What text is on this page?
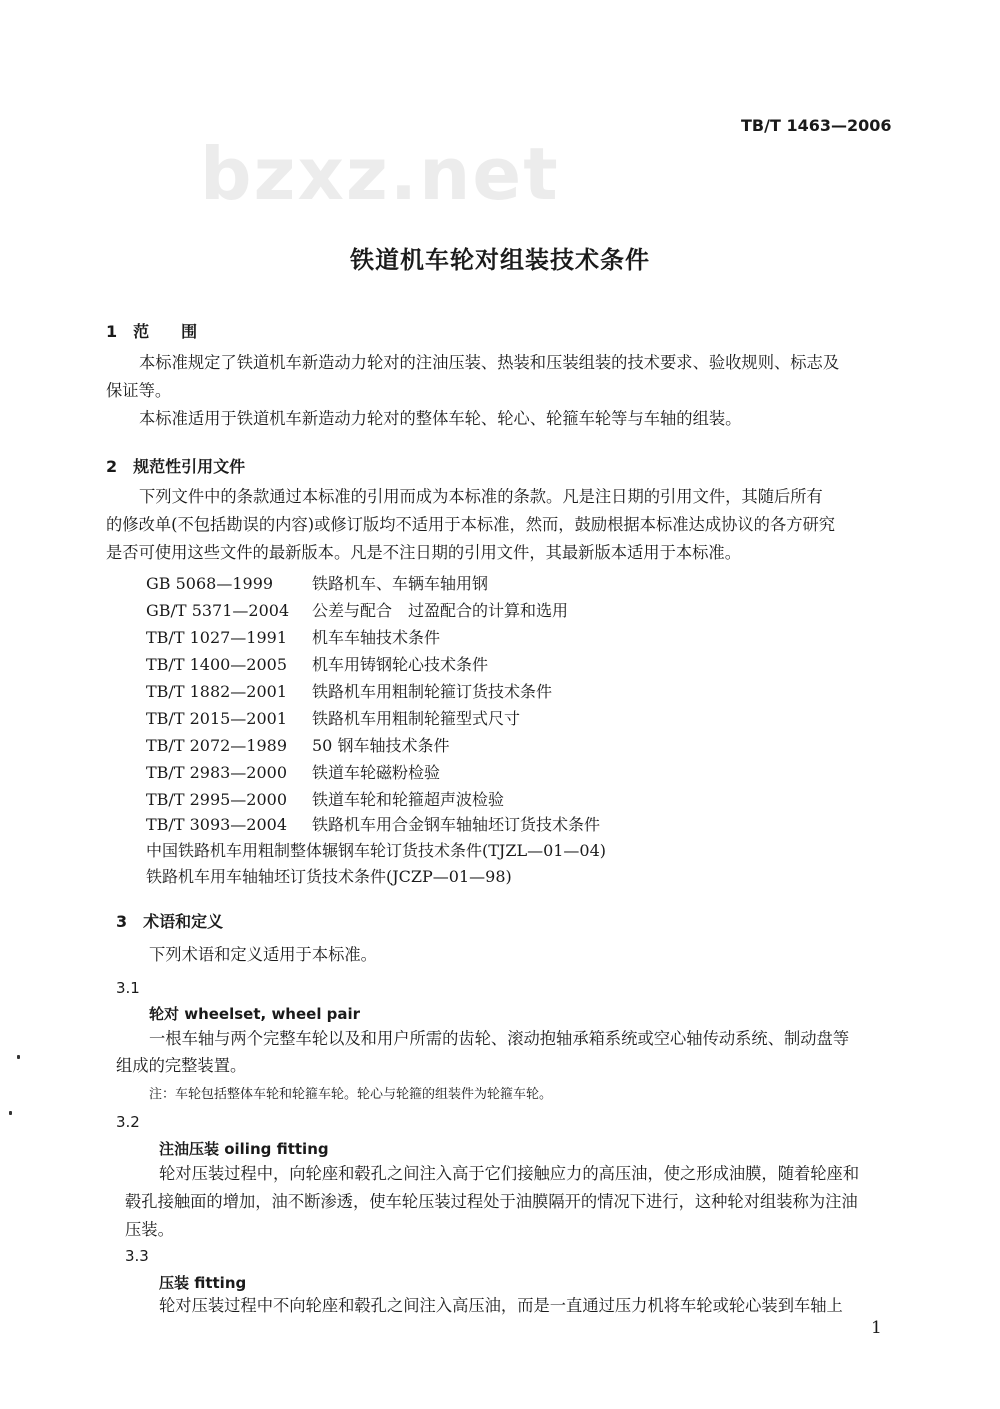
TB/T 1463—2006
bzxz.net
铁道机车轮对组装技术条件
1　范　　围
本标准规定了铁道机车新造动力轮对的注油压装、热装和压装组装的技术要求、验收规则、标志及
保证等。
本标准适用于铁道机车新造动力轮对的整体车轮、轮心、轮箍车轮等与车轴的组装。
2　规范性引用文件
下列文件中的条款通过本标准的引用而成为本标准的条款。凡是注日期的引用文件，其随后所有
的修改单(不包括勘误的内容)或修订版均不适用于本标准，然而，鼓励根据本标准达成协议的各方研究
是否可使用这些文件的最新版本。凡是不注日期的引用文件，其最新版本适用于本标准。
GB 5068—1999 铁路机车、车辆车轴用钢
GB/T 5371—2004 公差与配合　过盈配合的计算和选用
TB/T 1027—1991 机车车轴技术条件
TB/T 1400—2005 机车用铸钢轮心技术条件
TB/T 1882—2001 铁路机车用粗制轮箍订货技术条件
TB/T 2015—2001 铁路机车用粗制轮箍型式尺寸
TB/T 2072—1989 50 钢车轴技术条件
TB/T 2983—2000 铁道车轮磁粉检验
TB/T 2995—2000 铁道车轮和轮箍超声波检验
TB/T 3093—2004 铁路机车用合金钢车轴轴坯订货技术条件
中国铁路机车用粗制整体辗钢车轮订货技术条件(TJZL—01—04)
铁路机车用车轴轴坯订货技术条件(JCZP—01—98)
3　术语和定义
下列术语和定义适用于本标准。
3.1
轮对 wheelset, wheel pair
一根车轴与两个完整车轮以及和用户所需的齿轮、滚动抱轴承箱系统或空心轴传动系统、制动盘等
组成的完整装置。
注：车轮包括整体车轮和轮箍车轮。轮心与轮箍的组装件为轮箍车轮。
3.2
注油压装 oiling fitting
轮对压装过程中，向轮座和毂孔之间注入高于它们接触应力的高压油，使之形成油膜，随着轮座和
毂孔接触面的增加，油不断渗透，使车轮压装过程处于油膜隔开的情况下进行，这种轮对组装称为注油
压装。
3.3
压装 fitting
轮对压装过程中不向轮座和毂孔之间注入高压油，而是一直通过压力机将车轮或轮心装到车轴上
1
